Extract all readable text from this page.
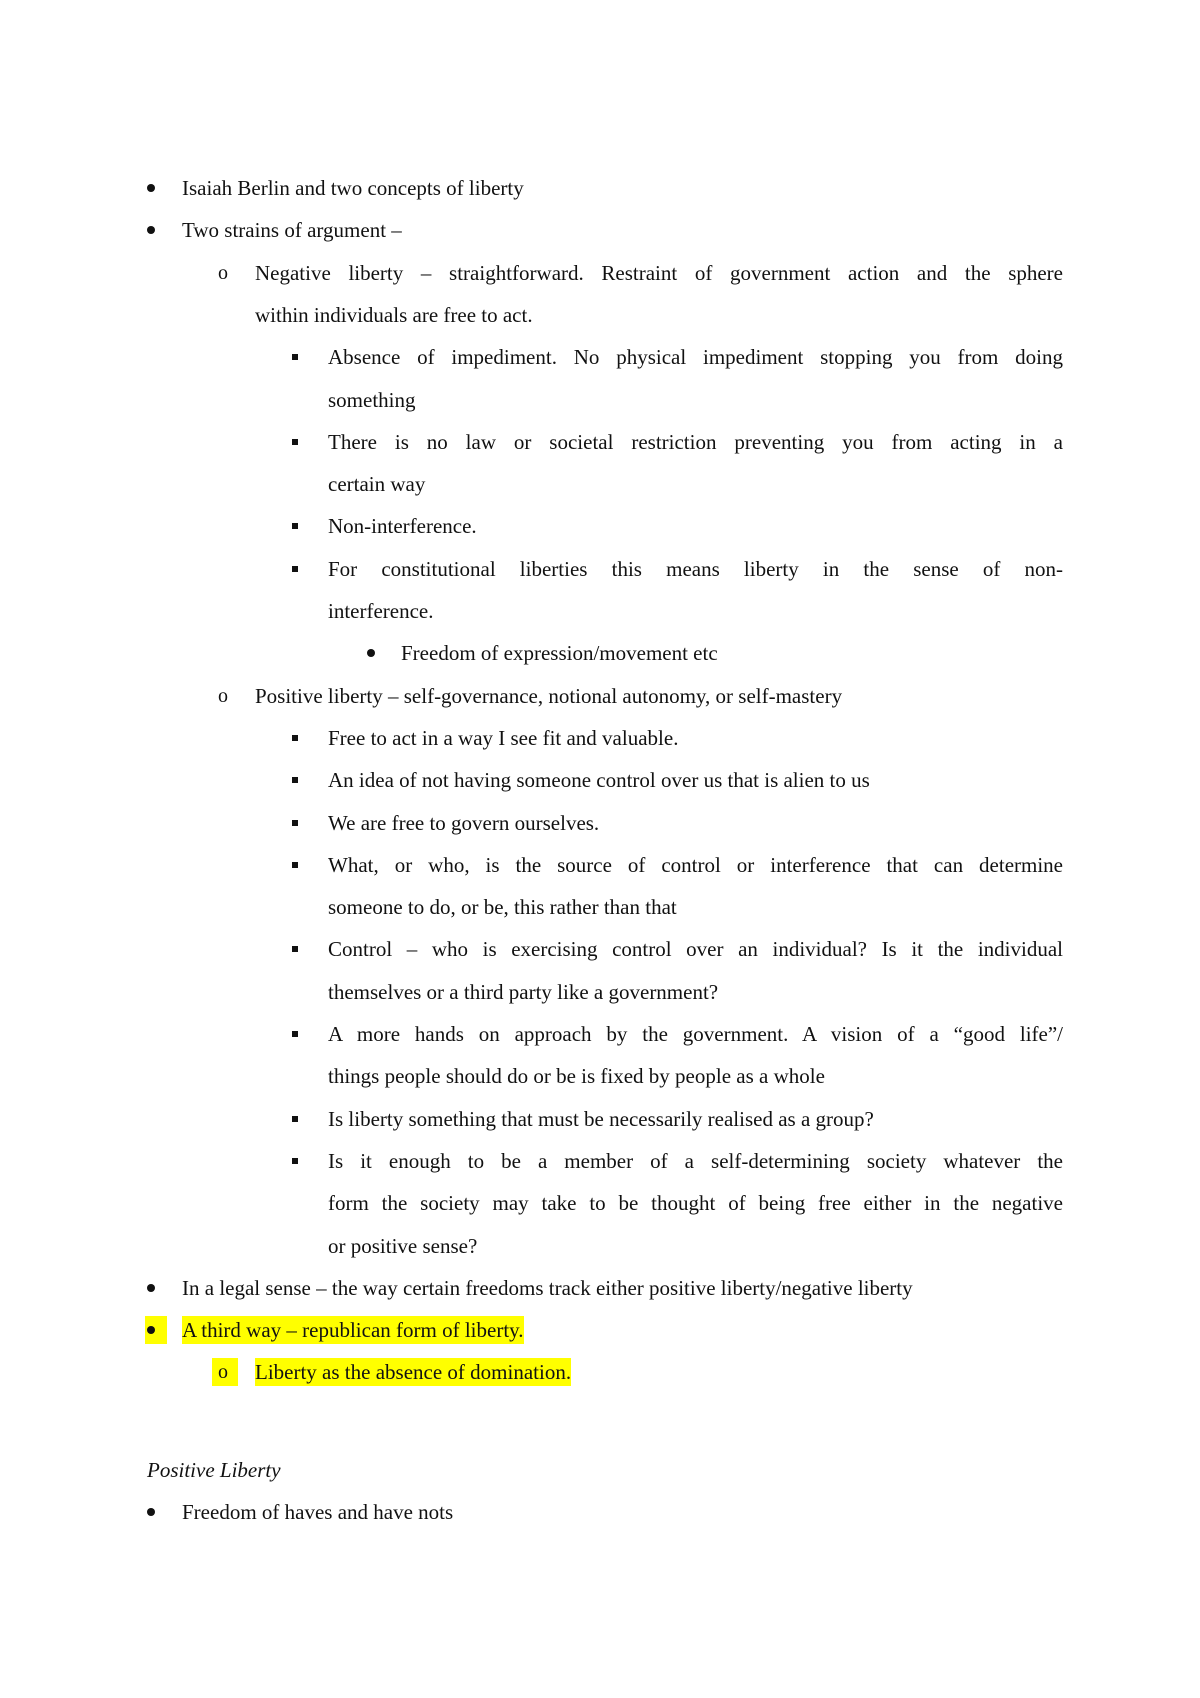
Isaiah Berlin and two concepts of liberty
Two strains of argument –
o Negative liberty – straightforward. Restraint of government action and the sphere
within individuals are free to act.
Absence of impediment. No physical impediment stopping you from doing
something
There is no law or societal restriction preventing you from acting in a
certain way
Non-interference.
For constitutional liberties this means liberty in the sense of non-
interference.
Freedom of expression/movement etc
o Positive liberty – self-governance, notional autonomy, or self-mastery
Free to act in a way I see fit and valuable.
An idea of not having someone control over us that is alien to us
We are free to govern ourselves.
What, or who, is the source of control or interference that can determine
someone to do, or be, this rather than that
Control – who is exercising control over an individual? Is it the individual
themselves or a third party like a government?
A more hands on approach by the government. A vision of a “good life”/
things people should do or be is fixed by people as a whole
Is liberty something that must be necessarily realised as a group?
Is it enough to be a member of a self-determining society whatever the
form the society may take to be thought of being free either in the negative
or positive sense?
In a legal sense – the way certain freedoms track either positive liberty/negative liberty
A third way – republican form of liberty.
o	Liberty as the absence of domination.
Positive Liberty
Freedom of haves and have nots
